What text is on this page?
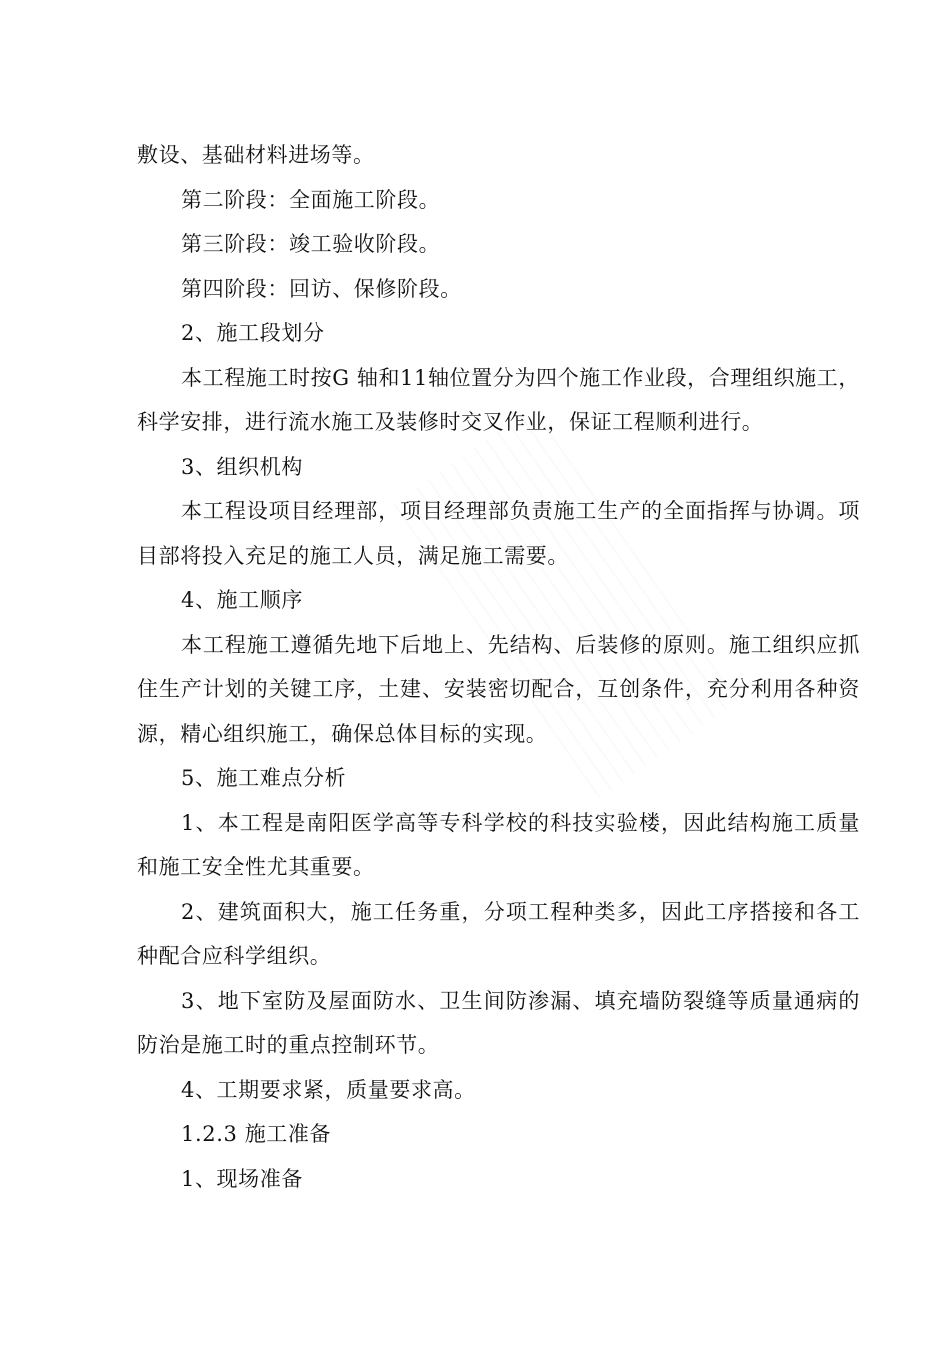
敷设、基础材料进场等。

第二阶段：全面施工阶段。

第三阶段：竣工验收阶段。

第四阶段：回访、保修阶段。

2、施工段划分

本工程施工时按G 轴和11轴位置分为四个施工作业段，合理组织施工，科学安排，进行流水施工及装修时交叉作业，保证工程顺利进行。

3、组织机构

本工程设项目经理部，项目经理部负责施工生产的全面指挥与协调。项目部将投入充足的施工人员，满足施工需要。

4、施工顺序

本工程施工遵循先地下后地上、先结构、后装修的原则。施工组织应抓住生产计划的关键工序，土建、安装密切配合，互创条件，充分利用各种资源，精心组织施工，确保总体目标的实现。

5、施工难点分析

1、本工程是南阳医学高等专科学校的科技实验楼，因此结构施工质量和施工安全性尤其重要。

2、建筑面积大，施工任务重，分项工程种类多，因此工序搭接和各工种配合应科学组织。

3、地下室防及屋面防水、卫生间防渗漏、填充墙防裂缝等质量通病的防治是施工时的重点控制环节。

4、工期要求紧，质量要求高。

1.2.3 施工准备

1、现场准备
